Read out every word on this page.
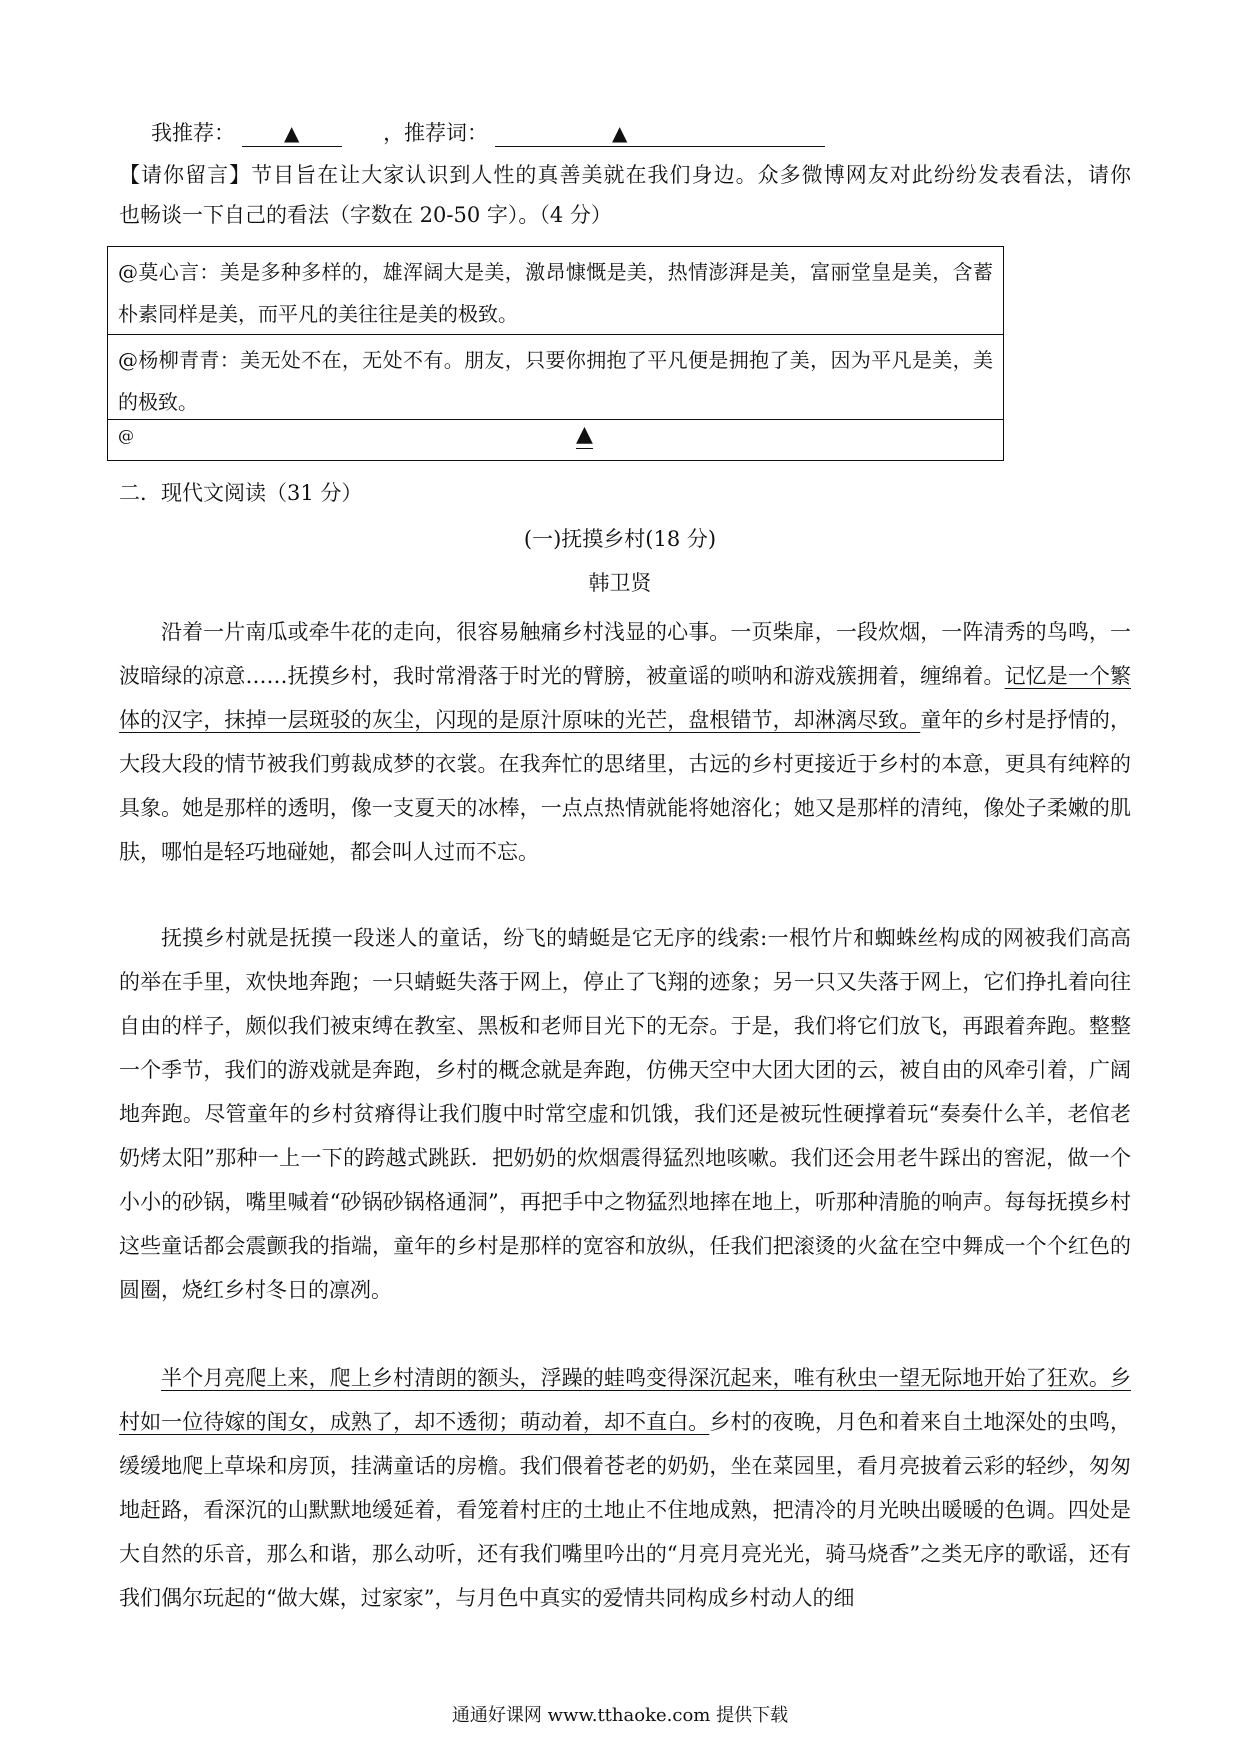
我推荐： ▲	，推荐词：	▲
【请你留言】节目旨在让大家认识到人性的真善美就在我们身边。众多微博网友对此纷纷发表看法，请你
也畅谈一下自己的看法（字数在 20-50 字）。（4 分）
@莫心言：美是多种多样的，雄浑阔大是美，激昂慷慨是美，热情澎湃是美，富丽堂皇是美，含蓄朴素同样是美，而平凡的美往往是美的极致。
@杨柳青青：美无处不在，无处不有。朋友，只要你拥抱了平凡便是拥抱了美，因为平凡是美，美的极致。
@	▲
二．现代文阅读（31 分）
(一)抚摸乡村(18 分)
韩卫贤
沿着一片南瓜或牵牛花的走向，很容易触痛乡村浅显的心事。一页柴扉，一段炊烟，一阵清秀的鸟鸣，一波暗绿的凉意……抚摸乡村，我时常滑落于时光的臂膀，被童谣的唢呐和游戏簇拥着，缠绵着。记忆是一个繁体的汉字，抹掉一层斑驳的灰尘，闪现的是原汁原味的光芒，盘根错节，却淋漓尽致。童年的乡村是抒情的，大段大段的情节被我们剪裁成梦的衣裳。在我奔忙的思绪里，古远的乡村更接近于乡村的本意，更具有纯粹的具象。她是那样的透明，像一支夏天的冰棒，一点点热情就能将她溶化；她又是那样的清纯，像处子柔嫩的肌肤，哪怕是轻巧地碰她，都会叫人过而不忘。
抚摸乡村就是抚摸一段迷人的童话，纷飞的蜻蜓是它无序的线索:一根竹片和蜘蛛丝构成的网被我们高高的举在手里，欢快地奔跑；一只蜻蜓失落于网上，停止了飞翔的迹象；另一只又失落于网上，它们挣扎着向往自由的样子，颇似我们被束缚在教室、黑板和老师目光下的无奈。于是，我们将它们放飞，再跟着奔跑。整整一个季节，我们的游戏就是奔跑，乡村的概念就是奔跑，仿佛天空中大团大团的云，被自由的风牵引着，广阔地奔跑。尽管童年的乡村贫瘠得让我们腹中时常空虚和饥饿，我们还是被玩性硬撑着玩“奏奏什么羊，老倌老奶烤太阳”那种一上一下的跨越式跳跃．把奶奶的炊烟震得猛烈地咳嗽。我们还会用老牛踩出的窖泥，做一个小小的砂锅，嘴里喊着“砂锅砂锅格通洞”，再把手中之物猛烈地摔在地上，听那种清脆的响声。每每抚摸乡村这些童话都会震颤我的指端，童年的乡村是那样的宽容和放纵，任我们把滚烫的火盆在空中舞成一个个红色的圆圈，烧红乡村冬日的凛冽。
半个月亮爬上来，爬上乡村清朗的额头，浮躁的蛙鸣变得深沉起来，唯有秋虫一望无际地开始了狂欢。乡村如一位待嫁的闺女，成熟了，却不透彻；萌动着，却不直白。乡村的夜晚，月色和着来自土地深处的虫鸣，缓缓地爬上草垛和房顶，挂满童话的房檐。我们偎着苍老的奶奶，坐在菜园里，看月亮披着云彩的轻纱，匆匆地赶路，看深沉的山默默地缓延着，看笼着村庄的土地止不住地成熟，把清冷的月光映出暖暖的色调。四处是大自然的乐音，那么和谐，那么动听，还有我们嘴里吟出的“月亮月亮光光，骑马烧香”之类无序的歌谣，还有我们偶尔玩起的“做大媒，过家家”，与月色中真实的爱情共同构成乡村动人的细
通通好课网 www.tthaoke.com 提供下载
